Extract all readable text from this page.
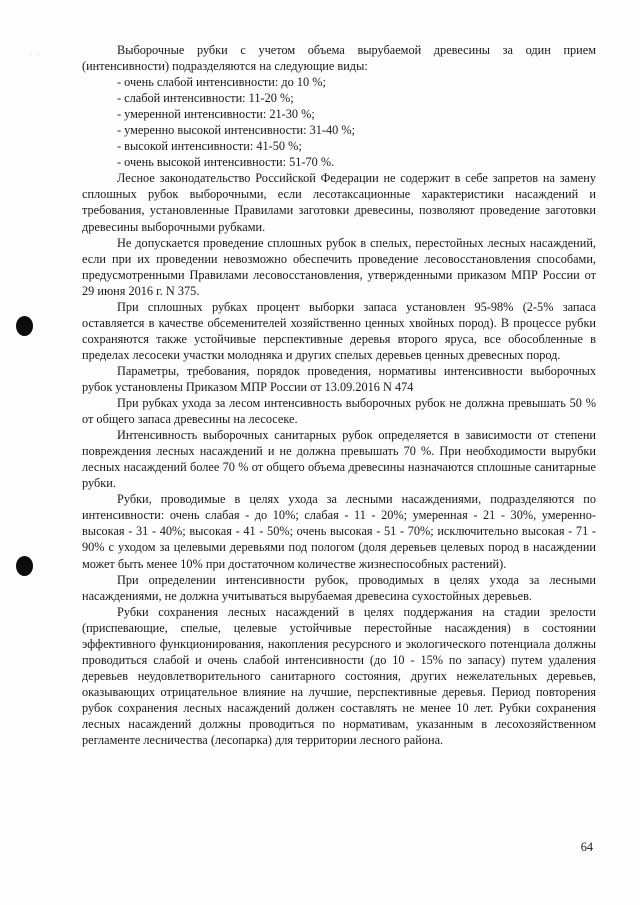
· ·	Выборочные рубки с учетом объема вырубаемой древесины за один прием (интенсивности) подразделяются на следующие виды:

- очень слабой интенсивности: до 10 %;

- слабой интенсивности: 11-20 %;

- умеренной интенсивности: 21-30 %;

- умеренно высокой интенсивности: 31-40 %;

- высокой интенсивности: 41-50 %;

- очень высокой интенсивности: 51-70 %.

Лесное законодательство Российской Федерации не содержит в себе запретов на замену сплошных рубок выборочными, если лесотаксационные характеристики насаждений и требования, установленные Правилами заготовки древесины, позволяют проведение заготовки древесины выборочными рубками.

Не допускается проведение сплошных рубок в спелых, перестойных лесных насаждений, если при их проведении невозможно обеспечить проведение лесовосстановления способами, предусмотренными Правилами лесовосстановления, утвержденными приказом МПР России от 29 июня 2016 г. N 375.

При сплошных рубках процент выборки запаса установлен 95-98% (2-5% запаса оставляется в качестве обсеменителей хозяйственно ценных хвойных пород). В процессе рубки сохраняются также устойчивые перспективные деревья второго яруса, все обособленные в пределах лесосеки участки молодняка и других спелых деревьев ценных древесных пород.

Параметры, требования, порядок проведения, нормативы интенсивности выборочных рубок установлены Приказом МПР России от 13.09.2016 N 474

При рубках ухода за лесом интенсивность выборочных рубок не должна превышать 50 % от общего запаса древесины на лесосеке.

Интенсивность выборочных санитарных рубок определяется в зависимости от степени повреждения лесных насаждений и не должна превышать 70 %. При необходимости вырубки лесных насаждений более 70 % от общего объема древесины назначаются сплошные санитарные рубки.

Рубки, проводимые в целях ухода за лесными насаждениями, подразделяются по интенсивности: очень слабая - до 10%; слабая - 11 - 20%; умеренная - 21 - 30%, умеренно-высокая - 31 - 40%; высокая - 41 - 50%; очень высокая - 51 - 70%; исключительно высокая - 71 - 90% с уходом за целевыми деревьями под пологом (доля деревьев целевых пород в насаждении может быть менее 10% при достаточном количестве жизнеспособных растений).

При определении интенсивности рубок, проводимых в целях ухода за лесными насаждениями, не должна учитываться вырубаемая древесина сухостойных деревьев.

Рубки сохранения лесных насаждений в целях поддержания на стадии зрелости (приспевающие, спелые, целевые устойчивые перестойные насаждения) в состоянии эффективного функционирования, накопления ресурсного и экологического потенциала должны проводиться слабой и очень слабой интенсивности (до 10 - 15% по запасу) путем удаления деревьев неудовлетворительного санитарного состояния, других нежелательных деревьев, оказывающих отрицательное влияние на лучшие, перспективные деревья. Период повторения рубок сохранения лесных насаждений должен составлять не менее 10 лет. Рубки сохранения лесных насаждений должны проводиться по нормативам, указанным в лесохозяйственном регламенте лесничества (лесопарка) для территории лесного района.

64
